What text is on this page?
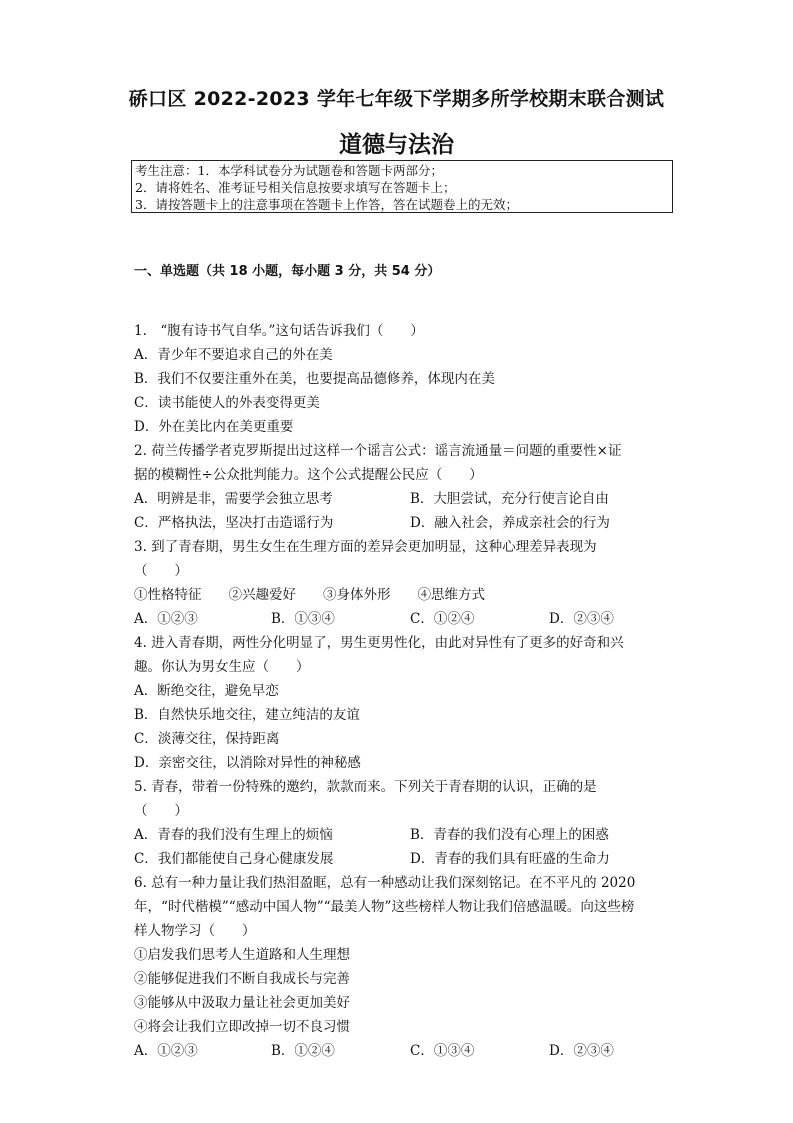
硚口区 2022-2023 学年七年级下学期多所学校期末联合测试
道德与法治
考生注意：1．本学科试卷分为试题卷和答题卡两部分；
2．请将姓名、准考证号相关信息按要求填写在答题卡上；
3．请按答题卡上的注意事项在答题卡上作答，答在试题卷上的无效；
一、单选题（共 18 小题，每小题 3 分，共 54 分）
1.　“腹有诗书气自华。”这句话告诉我们（　　）
A．青少年不要追求自己的外在美
B．我们不仅要注重外在美，也要提高品德修养，体现内在美
C．读书能使人的外表变得更美
D．外在美比内在美更重要
2. 荷兰传播学者克罗斯提出过这样一个谣言公式：谣言流通量＝问题的重要性×证
据的模糊性÷公众批判能力。这个公式提醒公民应（　　）
A．明辨是非，需要学会独立思考	B．大胆尝试，充分行使言论自由
C．严格执法，坚决打击造谣行为	D．融入社会，养成亲社会的行为
3. 到了青春期，男生女生在生理方面的差异会更加明显，这种心理差异表现为
（　　）
①性格特征　　②兴趣爱好　　③身体外形　　④思维方式
A．①②③	B．①③④	C．①②④	D．②③④
4. 进入青春期，两性分化明显了，男生更男性化，由此对异性有了更多的好奇和兴
趣。你认为男女生应（　　）
A．断绝交往，避免早恋
B．自然快乐地交往，建立纯洁的友谊
C．淡薄交往，保持距离
D．亲密交往，以消除对异性的神秘感
5. 青春，带着一份特殊的邀约，款款而来。下列关于青春期的认识，正确的是
（　　）
A．青春的我们没有生理上的烦恼	B．青春的我们没有心理上的困惑
C．我们都能使自己身心健康发展	D．青春的我们具有旺盛的生命力
6. 总有一种力量让我们热泪盈眶，总有一种感动让我们深刻铭记。在不平凡的 2020
年，“时代楷模”“感动中国人物”“最美人物”这些榜样人物让我们倍感温暖。向这些榜
样人物学习（　　）
①启发我们思考人生道路和人生理想
②能够促进我们不断自我成长与完善
③能够从中汲取力量让社会更加美好
④将会让我们立即改掉一切不良习惯
A．①②③	B．①②④	C．①③④	D．②③④
